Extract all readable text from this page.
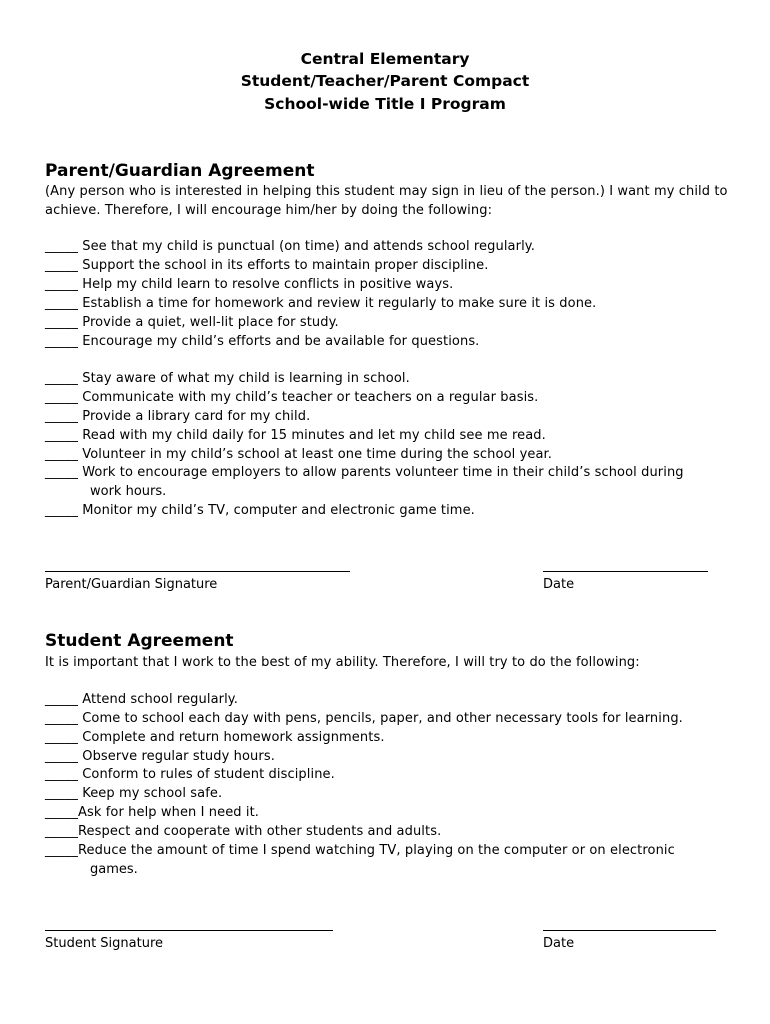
Central Elementary
Student/Teacher/Parent Compact
School-wide Title I Program
Parent/Guardian Agreement
(Any person who is interested in helping this student may sign in lieu of the person.) I want my child to achieve. Therefore, I will encourage him/her by doing the following:
_____ See that my child is punctual (on time) and attends school regularly.
_____ Support the school in its efforts to maintain proper discipline.
_____ Help my child learn to resolve conflicts in positive ways.
_____ Establish a time for homework and review it regularly to make sure it is done.
_____ Provide a quiet, well-lit place for study.
_____ Encourage my child’s efforts and be available for questions.
_____ Stay aware of what my child is learning in school.
_____ Communicate with my child’s teacher or teachers on a regular basis.
_____ Provide a library card for my child.
_____ Read with my child daily for 15 minutes and let my child see me read.
_____ Volunteer in my child’s school at least one time during the school year.
_____ Work to encourage employers to allow parents volunteer time in their child’s school during
work hours.
_____ Monitor my child’s TV, computer and electronic game time.
Parent/Guardian Signature	Date
Student Agreement
It is important that I work to the best of my ability. Therefore, I will try to do the following:
_____ Attend school regularly.
_____ Come to school each day with pens, pencils, paper, and other necessary tools for learning.
_____ Complete and return homework assignments.
_____ Observe regular study hours.
_____ Conform to rules of student discipline.
_____ Keep my school safe.
_____Ask for help when I need it.
_____Respect and cooperate with other students and adults.
_____Reduce the amount of time I spend watching TV, playing on the computer or on electronic
games.
Student Signature	Date
